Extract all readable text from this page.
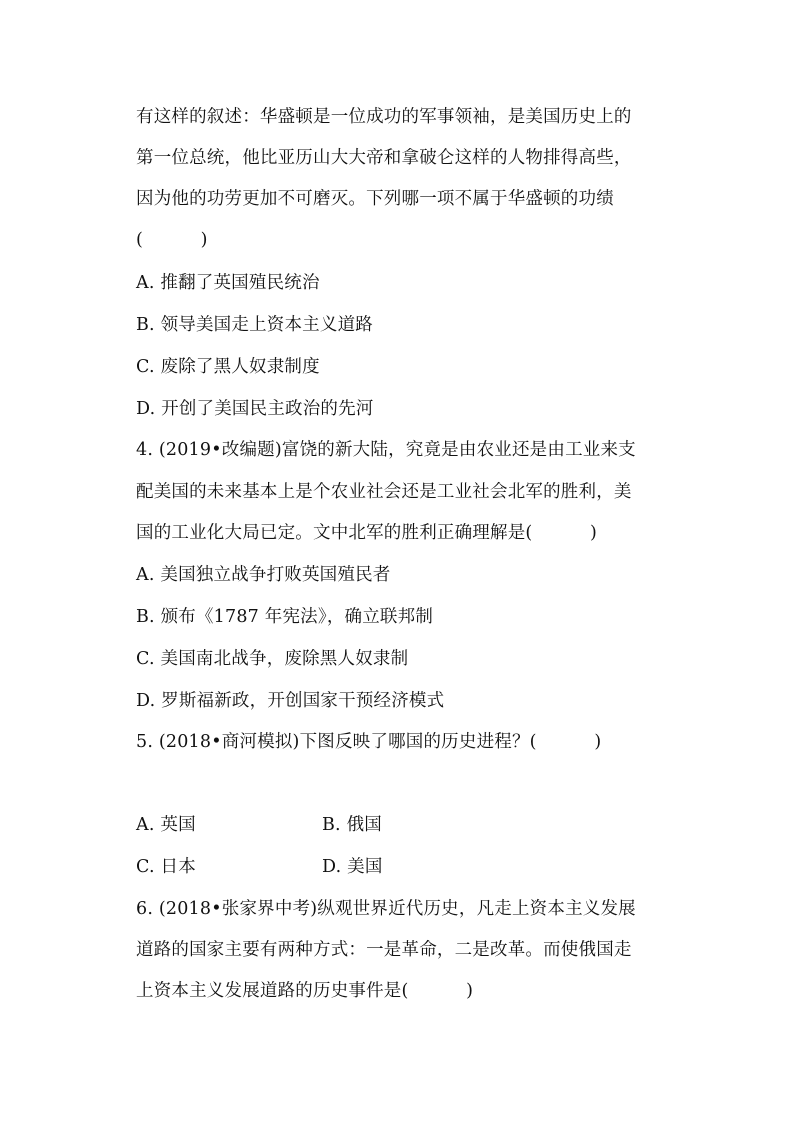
有这样的叙述：华盛顿是一位成功的军事领袖，是美国历史上的
第一位总统，他比亚历山大大帝和拿破仑这样的人物排得高些，
因为他的功劳更加不可磨灭。下列哪一项不属于华盛顿的功绩
(          )
A. 推翻了英国殖民统治
B. 领导美国走上资本主义道路
C. 废除了黑人奴隶制度
D. 开创了美国民主政治的先河
4. (2019•改编题)富饶的新大陆，究竟是由农业还是由工业来支
配美国的未来基本上是个农业社会还是工业社会北军的胜利，美
国的工业化大局已定。文中北军的胜利正确理解是(          )
A. 美国独立战争打败英国殖民者
B. 颁布《1787 年宪法》，确立联邦制
C. 美国南北战争，废除黑人奴隶制
D. 罗斯福新政，开创国家干预经济模式
5. (2018•商河模拟)下图反映了哪国的历史进程？(          )
A. 英国	B. 俄国
C. 日本	D. 美国
6. (2018•张家界中考)纵观世界近代历史，凡走上资本主义发展
道路的国家主要有两种方式：一是革命，二是改革。而使俄国走
上资本主义发展道路的历史事件是(          )
